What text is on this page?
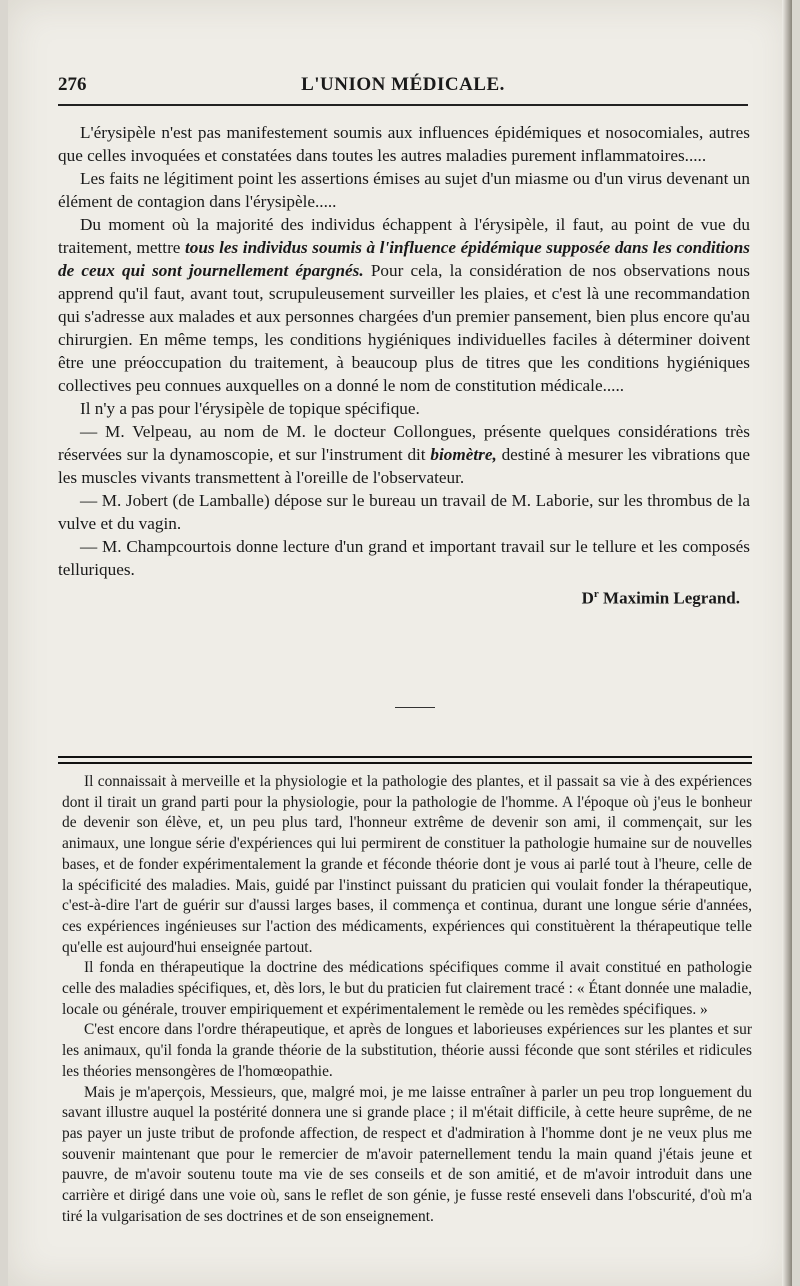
276	L'UNION MÉDICALE.

L'érysipèle n'est pas manifestement soumis aux influences épidémiques et nosocomiales, autres que celles invoquées et constatées dans toutes les autres maladies purement inflammatoires.....

Les faits ne légitiment point les assertions émises au sujet d'un miasme ou d'un virus devenant un élément de contagion dans l'érysipèle.....

Du moment où la majorité des individus échappent à l'érysipèle, il faut, au point de vue du traitement, mettre tous les individus soumis à l'influence épidémique supposée dans les conditions de ceux qui sont journellement épargnés. Pour cela, la considération de nos observations nous apprend qu'il faut, avant tout, scrupuleusement surveiller les plaies, et c'est là une recommandation qui s'adresse aux malades et aux personnes chargées d'un premier pansement, bien plus encore qu'au chirurgien. En même temps, les conditions hygiéniques individuelles faciles à déterminer doivent être une préoccupation du traitement, à beaucoup plus de titres que les conditions hygiéniques collectives peu connues auxquelles on a donné le nom de constitution médicale.....

Il n'y a pas pour l'érysipèle de topique spécifique.

— M. Velpeau, au nom de M. le docteur Collongues, présente quelques considérations très réservées sur la dynamoscopie, et sur l'instrument dit biomètre, destiné à mesurer les vibrations que les muscles vivants transmettent à l'oreille de l'observateur.

— M. Jobert (de Lamballe) dépose sur le bureau un travail de M. Laborie, sur les thrombus de la vulve et du vagin.

— M. Champcourtois donne lecture d'un grand et important travail sur le tellure et les composés telluriques.

$D^r$ Maximin Legrand.

Il connaissait à merveille et la physiologie et la pathologie des plantes, et il passait sa vie à des expériences dont il tirait un grand parti pour la physiologie, pour la pathologie de l'homme. A l'époque où j'eus le bonheur de devenir son élève, et, un peu plus tard, l'honneur extrême de devenir son ami, il commençait, sur les animaux, une longue série d'expériences qui lui permirent de constituer la pathologie humaine sur de nouvelles bases, et de fonder expérimentalement la grande et féconde théorie dont je vous ai parlé tout à l'heure, celle de la spécificité des maladies. Mais, guidé par l'instinct puissant du praticien qui voulait fonder la thérapeutique, c'est-à-dire l'art de guérir sur d'aussi larges bases, il commença et continua, durant une longue série d'années, ces expériences ingénieuses sur l'action des médicaments, expériences qui constituèrent la thérapeutique telle qu'elle est aujourd'hui enseignée partout.

Il fonda en thérapeutique la doctrine des médications spécifiques comme il avait constitué en pathologie celle des maladies spécifiques, et, dès lors, le but du praticien fut clairement tracé : « Étant donnée une maladie, locale ou générale, trouver empiriquement et expérimentalement le remède ou les remèdes spécifiques. »

C'est encore dans l'ordre thérapeutique, et après de longues et laborieuses expériences sur les plantes et sur les animaux, qu'il fonda la grande théorie de la substitution, théorie aussi féconde que sont stériles et ridicules les théories mensongères de l'homœopathie.

Mais je m'aperçois, Messieurs, que, malgré moi, je me laisse entraîner à parler un peu trop longuement du savant illustre auquel la postérité donnera une si grande place ; il m'était difficile, à cette heure suprême, de ne pas payer un juste tribut de profonde affection, de respect et d'admiration à l'homme dont je ne veux plus me souvenir maintenant que pour le remercier de m'avoir paternellement tendu la main quand j'étais jeune et pauvre, de m'avoir soutenu toute ma vie de ses conseils et de son amitié, et de m'avoir introduit dans une carrière et dirigé dans une voie où, sans le reflet de son génie, je fusse resté enseveli dans l'obscurité, d'où m'a tiré la vulgarisation de ses doctrines et de son enseignement.
